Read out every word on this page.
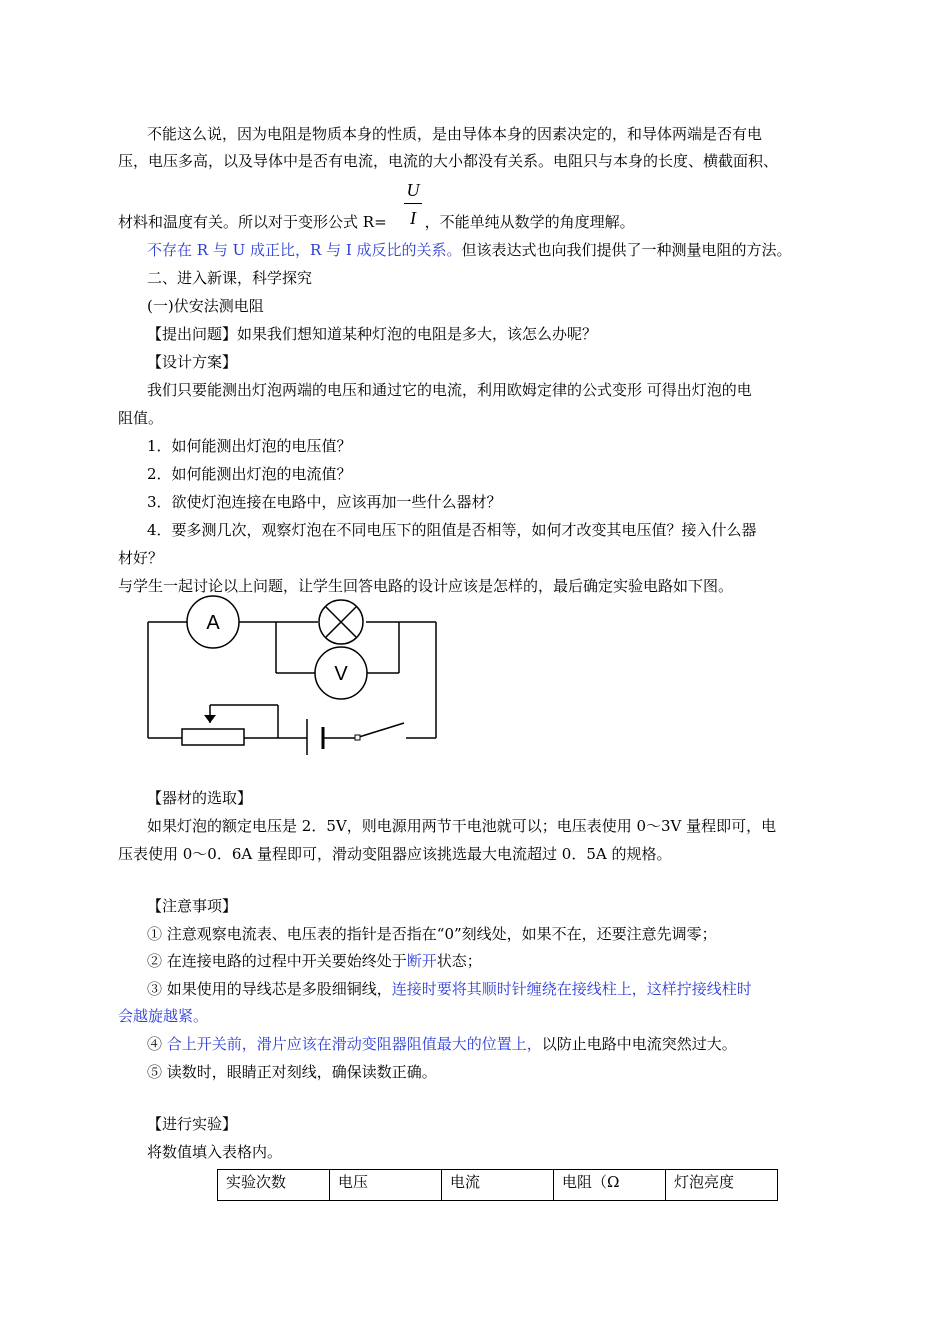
不能这么说，因为电阻是物质本身的性质，是由导体本身的因素决定的，和导体两端是否有电
压，电压多高，以及导体中是否有电流，电流的大小都没有关系。电阻只与本身的长度、横截面积、
材料和温度有关。所以对于变形公式 R=	，不能单纯从数学的角度理解。
U
I
不存在 R 与 U 成正比，R 与 I 成反比的关系。但该表达式也向我们提供了一种测量电阻的方法。
二、进入新课，科学探究
(一)伏安法测电阻
【提出问题】如果我们想知道某种灯泡的电阻是多大，该怎么办呢？
【设计方案】
我们只要能测出灯泡两端的电压和通过它的电流，利用欧姆定律的公式变形 可得出灯泡的电
阻值。
1．如何能测出灯泡的电压值？
2．如何能测出灯泡的电流值？
3．欲使灯泡连接在电路中，应该再加一些什么器材？
4．要多测几次，观察灯泡在不同电压下的阻值是否相等，如何才改变其电压值？接入什么器
材好？
与学生一起讨论以上问题，让学生回答电路的设计应该是怎样的，最后确定实验电路如下图。
A
V
【器材的选取】
如果灯泡的额定电压是 2．5V，则电源用两节干电池就可以；电压表使用 0～3V 量程即可，电
压表使用 0～0．6A 量程即可，滑动变阻器应该挑选最大电流超过 0．5A 的规格。
【注意事项】
① 注意观察电流表、电压表的指针是否指在“0”刻线处，如果不在，还要注意先调零；
② 在连接电路的过程中开关要始终处于断开状态；
③ 如果使用的导线芯是多股细铜线，连接时要将其顺时针缠绕在接线柱上，这样拧接线柱时
会越旋越紧。
④ 合上开关前，滑片应该在滑动变阻器阻值最大的位置上，以防止电路中电流突然过大。
⑤ 读数时，眼睛正对刻线，确保读数正确。
【进行实验】
将数值填入表格内。
实验次数	电压	电流	电阻（Ω	灯泡亮度
